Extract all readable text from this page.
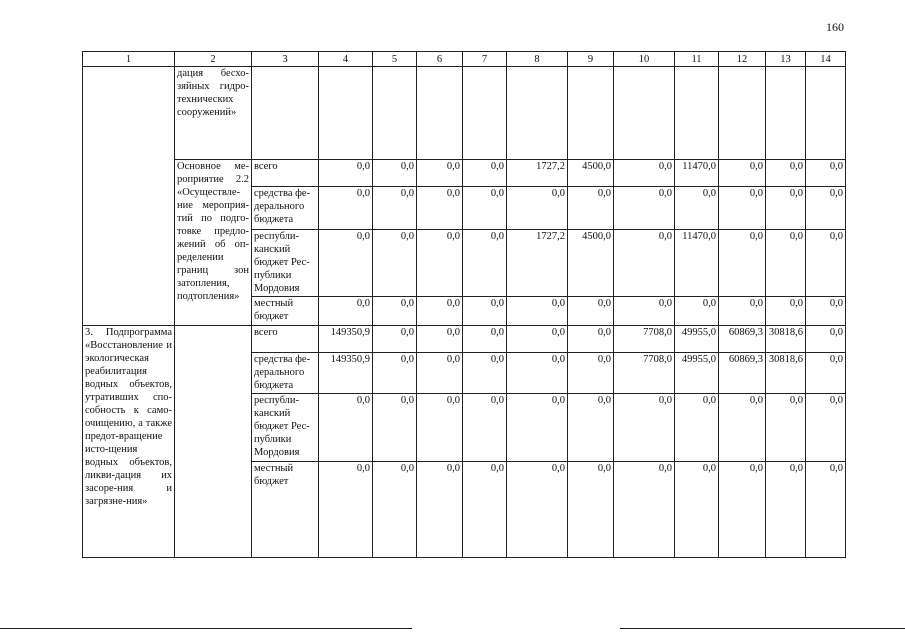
160
1	2	3	4	5	6	7	8	9	10	11	12	13	14
	дация бесхо-зяйных гидро-технических сооружений»												
	Основное ме-роприятие 2.2 «Осуществле-ние мероприя-тий по подго-товке предло-жений об оп-ределении границ зон затопления, подтопления»	всего	0,0	0,0	0,0	0,0	1727,2	4500,0	0,0	11470,0	0,0	0,0	0,0
		средства фе-дерального бюджета	0,0	0,0	0,0	0,0	0,0	0,0	0,0	0,0	0,0	0,0	0,0
		республи-канский бюджет Рес-публики Мордовия	0,0	0,0	0,0	0,0	1727,2	4500,0	0,0	11470,0	0,0	0,0	0,0
		местный бюджет	0,0	0,0	0,0	0,0	0,0	0,0	0,0	0,0	0,0	0,0	0,0
3. Подпрограмма «Восстановление и экологическая реабилитация водных объектов, утративших спо-собность к само-очищению, а также предот-вращение исто-щения водных объектов, ликви-дация их засоре-ния и загрязне-ния»		всего	149350,9	0,0	0,0	0,0	0,0	0,0	7708,0	49955,0	60869,3	30818,6	0,0
		средства фе-дерального бюджета	149350,9	0,0	0,0	0,0	0,0	0,0	7708,0	49955,0	60869,3	30818,6	0,0
		республи-канский бюджет Рес-публики Мордовия	0,0	0,0	0,0	0,0	0,0	0,0	0,0	0,0	0,0	0,0	0,0
		местный бюджет	0,0	0,0	0,0	0,0	0,0	0,0	0,0	0,0	0,0	0,0	0,0
